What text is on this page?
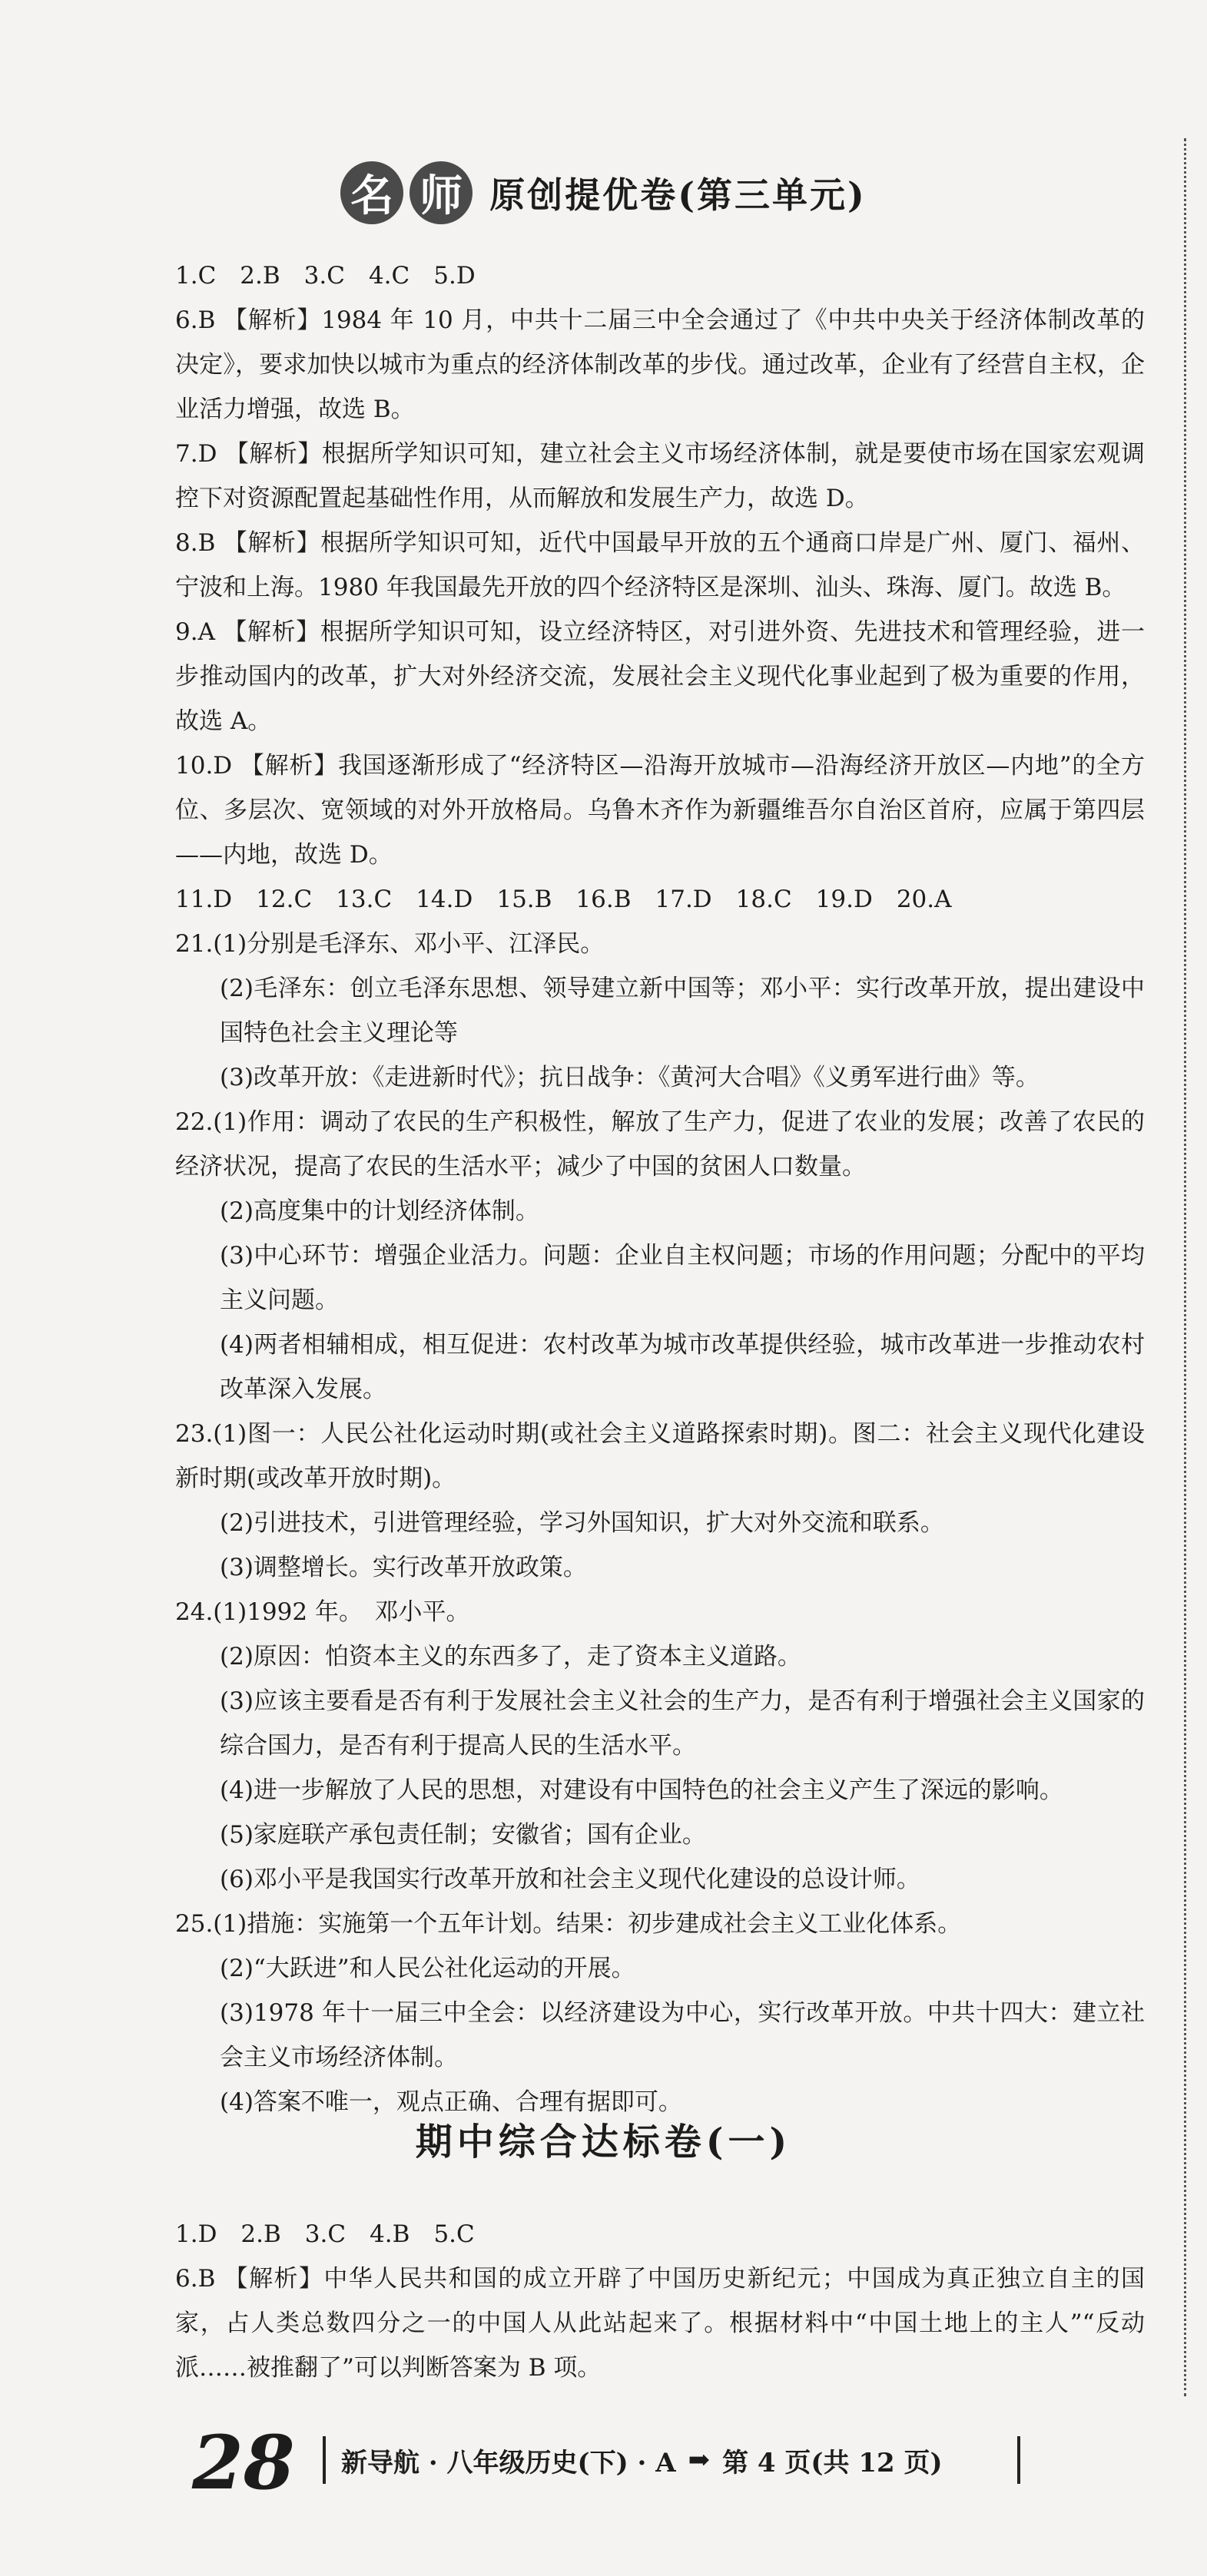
名 师 原创提优卷(第三单元)

1.C　2.B　3.C　4.C　5.D

6.B 【解析】1984 年 10 月，中共十二届三中全会通过了《中共中央关于经济体制改革的决定》，要求加快以城市为重点的经济体制改革的步伐。通过改革，企业有了经营自主权，企业活力增强，故选 B。

7.D 【解析】根据所学知识可知，建立社会主义市场经济体制，就是要使市场在国家宏观调控下对资源配置起基础性作用，从而解放和发展生产力，故选 D。

8.B 【解析】根据所学知识可知，近代中国最早开放的五个通商口岸是广州、厦门、福州、宁波和上海。1980 年我国最先开放的四个经济特区是深圳、汕头、珠海、厦门。故选 B。

9.A 【解析】根据所学知识可知，设立经济特区，对引进外资、先进技术和管理经验，进一步推动国内的改革，扩大对外经济交流，发展社会主义现代化事业起到了极为重要的作用，故选 A。

10.D 【解析】我国逐渐形成了“经济特区—沿海开放城市—沿海经济开放区—内地”的全方位、多层次、宽领域的对外开放格局。乌鲁木齐作为新疆维吾尔自治区首府，应属于第四层——内地，故选 D。

11.D　12.C　13.C　14.D　15.B　16.B　17.D　18.C　19.D　20.A

21.(1)分别是毛泽东、邓小平、江泽民。

(2)毛泽东：创立毛泽东思想、领导建立新中国等；邓小平：实行改革开放，提出建设中国特色社会主义理论等

(3)改革开放：《走进新时代》；抗日战争：《黄河大合唱》《义勇军进行曲》等。

22.(1)作用：调动了农民的生产积极性，解放了生产力，促进了农业的发展；改善了农民的经济状况，提高了农民的生活水平；减少了中国的贫困人口数量。

(2)高度集中的计划经济体制。

(3)中心环节：增强企业活力。问题：企业自主权问题；市场的作用问题；分配中的平均主义问题。

(4)两者相辅相成，相互促进：农村改革为城市改革提供经验，城市改革进一步推动农村改革深入发展。

23.(1)图一：人民公社化运动时期(或社会主义道路探索时期)。图二：社会主义现代化建设新时期(或改革开放时期)。

(2)引进技术，引进管理经验，学习外国知识，扩大对外交流和联系。

(3)调整增长。实行改革开放政策。

24.(1)1992 年。　邓小平。

(2)原因：怕资本主义的东西多了，走了资本主义道路。

(3)应该主要看是否有利于发展社会主义社会的生产力，是否有利于增强社会主义国家的综合国力，是否有利于提高人民的生活水平。

(4)进一步解放了人民的思想，对建设有中国特色的社会主义产生了深远的影响。

(5)家庭联产承包责任制；安徽省；国有企业。

(6)邓小平是我国实行改革开放和社会主义现代化建设的总设计师。

25.(1)措施：实施第一个五年计划。结果：初步建成社会主义工业化体系。

(2)“大跃进”和人民公社化运动的开展。

(3)1978 年十一届三中全会：以经济建设为中心，实行改革开放。中共十四大：建立社会主义市场经济体制。

(4)答案不唯一，观点正确、合理有据即可。

期中综合达标卷(一)

1.D　2.B　3.C　4.B　5.C

6.B 【解析】中华人民共和国的成立开辟了中国历史新纪元；中国成为真正独立自主的国家，占人类总数四分之一的中国人从此站起来了。根据材料中“中国土地上的主人”“反动派……被推翻了”可以判断答案为 B 项。

28 新导航 · 八年级历史(下) · A ➡ 第 4 页(共 12 页)
